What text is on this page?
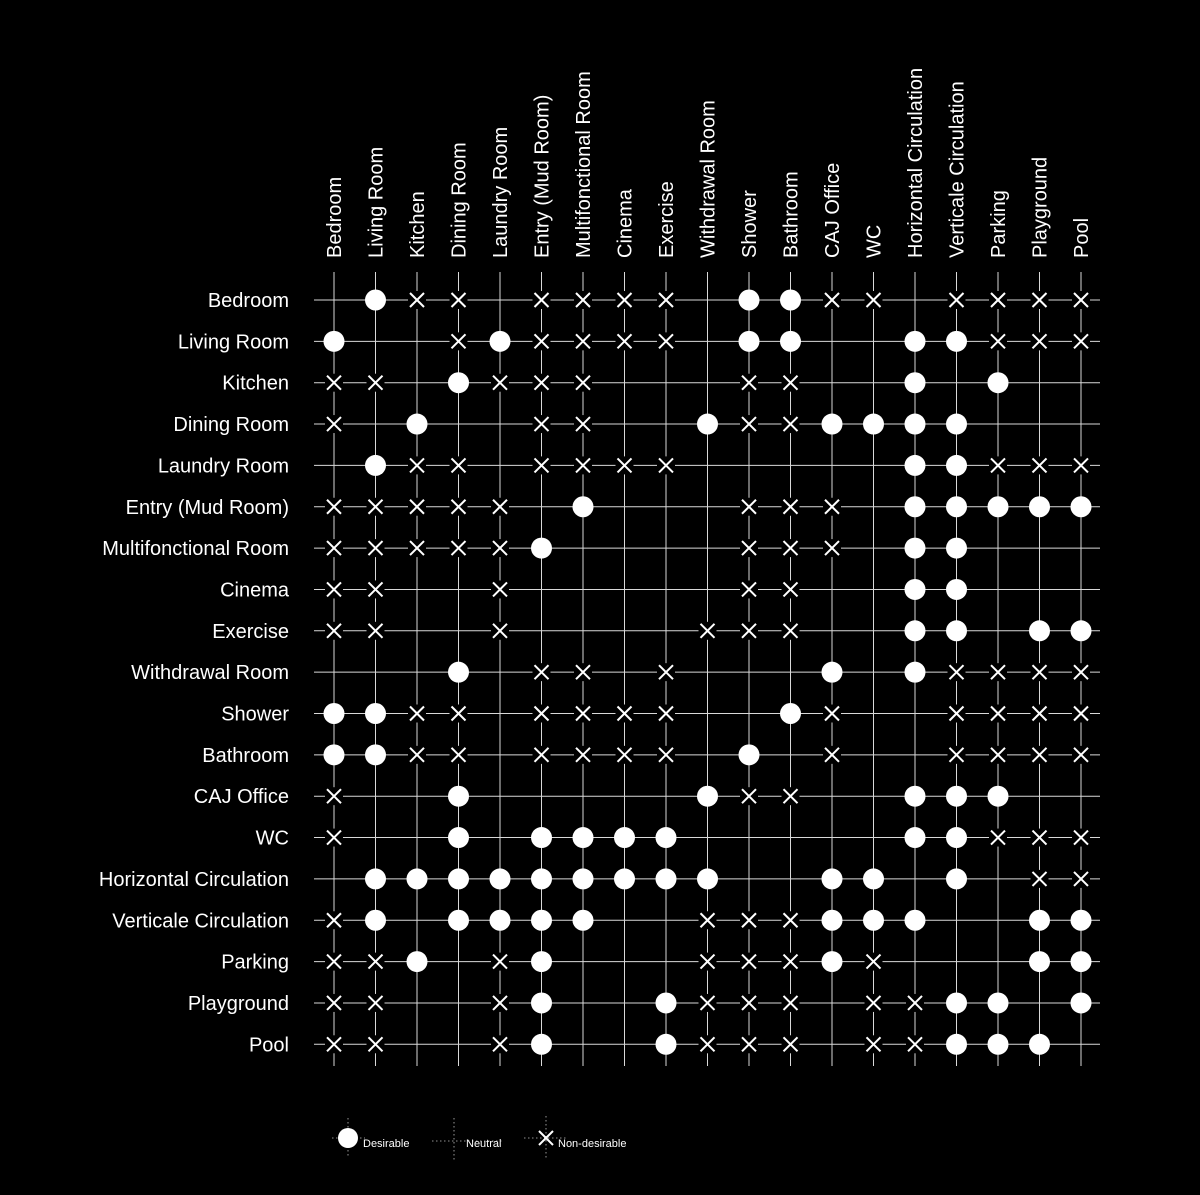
Bedroom Living Room Kitchen Dining Room Laundry Room Entry (Mud Room) Multifonctional Room Cinema Exercise Withdrawal Room Shower Bathroom CAJ Office WC Horizontal Circulation Verticale Circulation Parking Playground Pool
Bedroom
Living Room
Kitchen
Dining Room
Laundry Room
Entry (Mud Room)
Multifonctional Room
Cinema
Exercise
Withdrawal Room
Shower
Bathroom
CAJ Office
WC
Horizontal Circulation
Verticale Circulation
Parking
Playground
Pool
Desirable	Neutral	Non-desirable
